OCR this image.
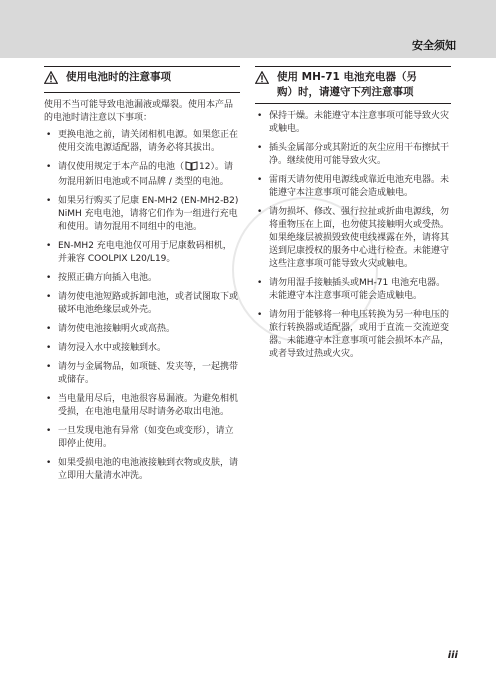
安全须知
使用电池时的注意事项
使用不当可能导致电池漏液或爆裂。使用本产品的电池时请注意以下事项：
• 更换电池之前，请关闭相机电源。如果您正在使用交流电源适配器，请务必将其拔出。
• 请仅使用规定于本产品的电池（ 12）。请勿混用新旧电池或不同品牌 / 类型的电池。
• 如果另行购买了尼康 EN-MH2 (EN-MH2-B2) NiMH 充电电池，请将它们作为一组进行充电和使用。请勿混用不同组中的电池。
• EN-MH2 充电电池仅可用于尼康数码相机，并兼容 COOLPIX L20/L19。
• 按照正确方向插入电池。
• 请勿使电池短路或拆卸电池，或者试图取下或破坏电池绝缘层或外壳。
• 请勿使电池接触明火或高热。
• 请勿浸入水中或接触到水。
• 请勿与金属物品，如项链、发夹等，一起携带或储存。
• 当电量用尽后，电池很容易漏液。为避免相机受损，在电池电量用尽时请务必取出电池。
• 一旦发现电池有异常（如变色或变形），请立即停止使用。
• 如果受损电池的电池液接触到衣物或皮肤，请立即用大量清水冲洗。
使用 MH-71 电池充电器（另
购）时，请遵守下列注意事项
• 保持干燥。未能遵守本注意事项可能导致火灾或触电。
• 插头金属部分或其附近的灰尘应用干布擦拭干净。继续使用可能导致火灾。
• 雷雨天请勿使用电源线或靠近电池充电器。未能遵守本注意事项可能会造成触电。
• 请勿损坏、修改、强行拉扯或折曲电源线，勿将重物压在上面，也勿使其接触明火或受热。如果绝缘层被损毁致使电线裸露在外，请将其送到尼康授权的服务中心进行检查。未能遵守这些注意事项可能导致火灾或触电。
• 请勿用湿手接触插头或MH-71 电池充电器。未能遵守本注意事项可能会造成触电。
• 请勿用于能够将一种电压转换为另一种电压的旅行转换器或适配器，或用于直流－交流逆变器。未能遵守本注意事项可能会损坏本产品，或者导致过热或火灾。
iii
